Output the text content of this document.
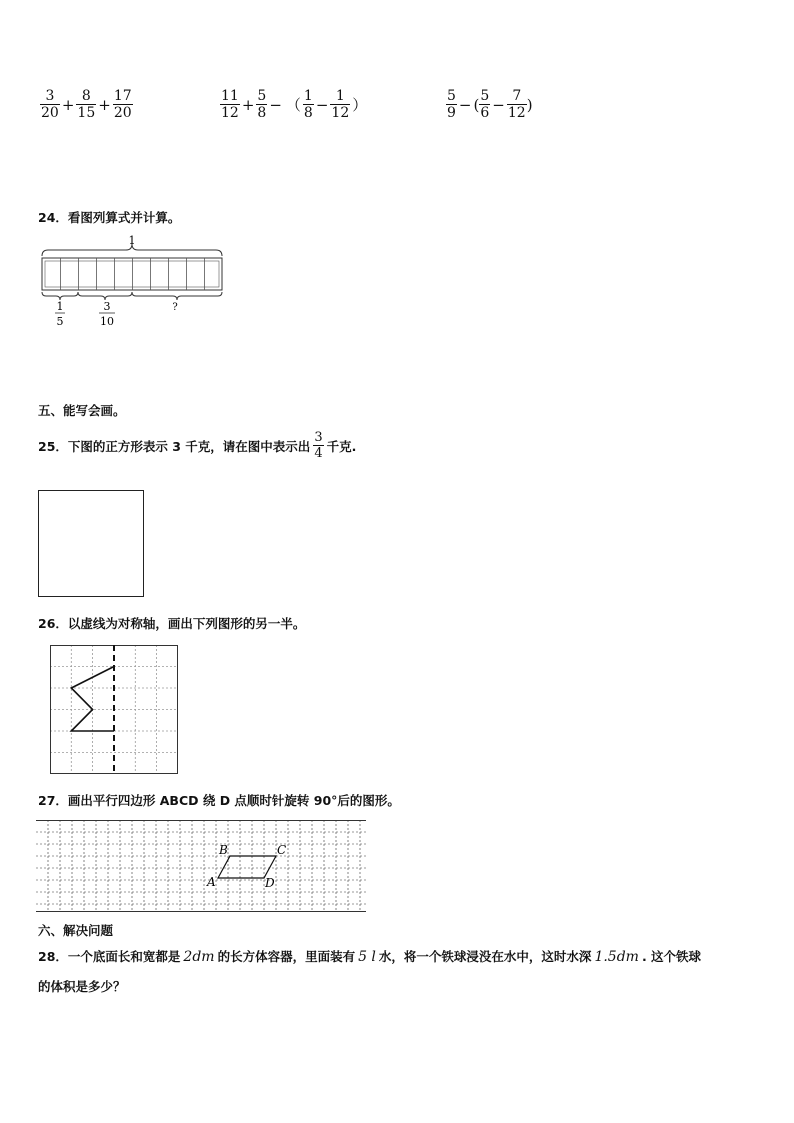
$\frac{3}{20} + \frac{8}{15} + \frac{17}{20}$	$\frac{11}{12} + \frac{5}{8}$ − （ $\frac{1}{8} - \frac{1}{12}$ ）	$\frac{5}{9}$ − ( $\frac{5}{6} - \frac{7}{12}$ )
24．看图列算式并计算。
1
1
5
3
10
?
五、能写会画。
25．下图的正方形表示 3 千克，请在图中表示出 $\frac{3}{4}$ 千克.
26．以虚线为对称轴，画出下列图形的另一半。
27．画出平行四边形 ABCD 绕 D 点顺时针旋转 90°后的图形。
A
B	C
D
六、解决问题
28．一个底面长和宽都是 2dm 的长方体容器，里面装有 5 l 水，将一个铁球浸没在水中，这时水深 1.5dm . 这个铁球
的体积是多少？
